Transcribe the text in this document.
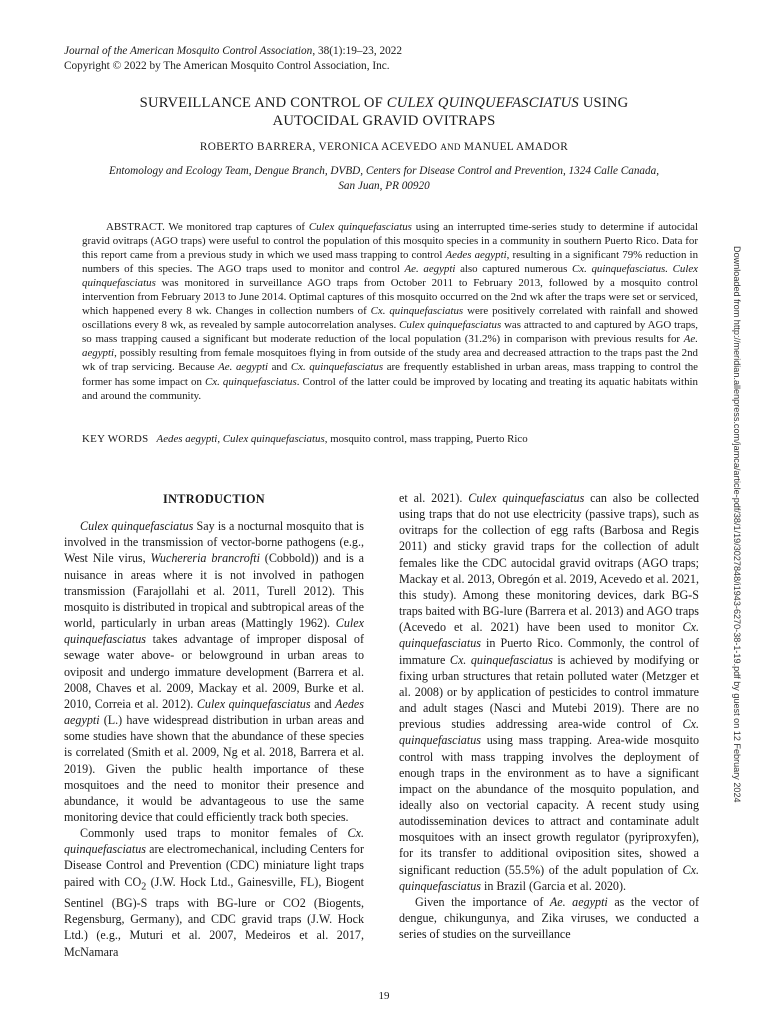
Journal of the American Mosquito Control Association, 38(1):19–23, 2022
Copyright © 2022 by The American Mosquito Control Association, Inc.
SURVEILLANCE AND CONTROL OF CULEX QUINQUEFASCIATUS USING
AUTOCIDAL GRAVID OVITRAPS
ROBERTO BARRERA, VERONICA ACEVEDO AND MANUEL AMADOR
Entomology and Ecology Team, Dengue Branch, DVBD, Centers for Disease Control and Prevention, 1324 Calle Canada,
San Juan, PR 00920

ABSTRACT. We monitored trap captures of Culex quinquefasciatus using an interrupted time-series study to determine if autocidal gravid ovitraps (AGO traps) were useful to control the population of this mosquito species in a community in southern Puerto Rico. Data for this report came from a previous study in which we used mass trapping to control Aedes aegypti, resulting in a significant 79% reduction in numbers of this species. The AGO traps used to monitor and control Ae. aegypti also captured numerous Cx. quinquefasciatus. Culex quinquefasciatus was monitored in surveillance AGO traps from October 2011 to February 2013, followed by a mosquito control intervention from February 2013 to June 2014. Optimal captures of this mosquito occurred on the 2nd wk after the traps were set or serviced, which happened every 8 wk. Changes in collection numbers of Cx. quinquefasciatus were positively correlated with rainfall and showed oscillations every 8 wk, as revealed by sample autocorrelation analyses. Culex quinquefasciatus was attracted to and captured by AGO traps, so mass trapping caused a significant but moderate reduction of the local population (31.2%) in comparison with previous results for Ae. aegypti, possibly resulting from female mosquitoes flying in from outside of the study area and decreased attraction to the traps past the 2nd wk of trap servicing. Because Ae. aegypti and Cx. quinquefasciatus are frequently established in urban areas, mass trapping to control the former has some impact on Cx. quinquefasciatus. Control of the latter could be improved by locating and treating its aquatic habitats within and around the community.

KEY WORDS Aedes aegypti, Culex quinquefasciatus, mosquito control, mass trapping, Puerto Rico

INTRODUCTION

Culex quinquefasciatus Say is a nocturnal mosquito that is involved in the transmission of vector-borne pathogens (e.g., West Nile virus, Wuchereria brancrofti (Cobbold)) and is a nuisance in areas where it is not involved in pathogen transmission (Farajollahi et al. 2011, Turell 2012). This mosquito is distributed in tropical and subtropical areas of the world, particularly in urban areas (Mattingly 1962). Culex quinquefasciatus takes advantage of improper disposal of sewage water above- or belowground in urban areas to oviposit and undergo immature development (Barrera et al. 2008, Chaves et al. 2009, Mackay et al. 2009, Burke et al. 2010, Correia et al. 2012). Culex quinquefasciatus and Aedes aegypti (L.) have widespread distribution in urban areas and some studies have shown that the abundance of these species is correlated (Smith et al. 2009, Ng et al. 2018, Barrera et al. 2019). Given the public health importance of these mosquitoes and the need to monitor their presence and abundance, it would be advantageous to use the same monitoring device that could efficiently track both species.

Commonly used traps to monitor females of Cx. quinquefasciatus are electromechanical, including Centers for Disease Control and Prevention (CDC) miniature light traps paired with $CO_2$ (J.W. Hock Ltd., Gainesville, FL), Biogent Sentinel (BG)-S traps with BG-lure or CO2 (Biogents, Regensburg, Germany), and CDC gravid traps (J.W. Hock Ltd.) (e.g., Muturi et al. 2007, Medeiros et al. 2017, McNamara

et al. 2021). Culex quinquefasciatus can also be collected using traps that do not use electricity (passive traps), such as ovitraps for the collection of egg rafts (Barbosa and Regis 2011) and sticky gravid traps for the collection of adult females like the CDC autocidal gravid ovitraps (AGO traps; Mackay et al. 2013, Obregón et al. 2019, Acevedo et al. 2021, this study). Among these monitoring devices, dark BG-S traps baited with BG-lure (Barrera et al. 2013) and AGO traps (Acevedo et al. 2021) have been used to monitor Cx. quinquefasciatus in Puerto Rico. Commonly, the control of immature Cx. quinquefasciatus is achieved by modifying or fixing urban structures that retain polluted water (Metzger et al. 2008) or by application of pesticides to control immature and adult stages (Nasci and Mutebi 2019). There are no previous studies addressing area-wide control of Cx. quinquefasciatus using mass trapping. Area-wide mosquito control with mass trapping involves the deployment of enough traps in the environment as to have a significant impact on the abundance of the mosquito population, and ideally also on vectorial capacity. A recent study using autodissemination devices to attract and contaminate adult mosquitoes with an insect growth regulator (pyriproxyfen), for its transfer to additional oviposition sites, showed a significant reduction (55.5%) of the adult population of Cx. quinquefasciatus in Brazil (Garcia et al. 2020).

Given the importance of Ae. aegypti as the vector of dengue, chikungunya, and Zika viruses, we conducted a series of studies on the surveillance

Downloaded from http://meridian.allenpress.com/jamca/article-pdf/38/1/19/3027848/i1943-6270-38-1-19.pdf by guest on 12 February 2024
19
